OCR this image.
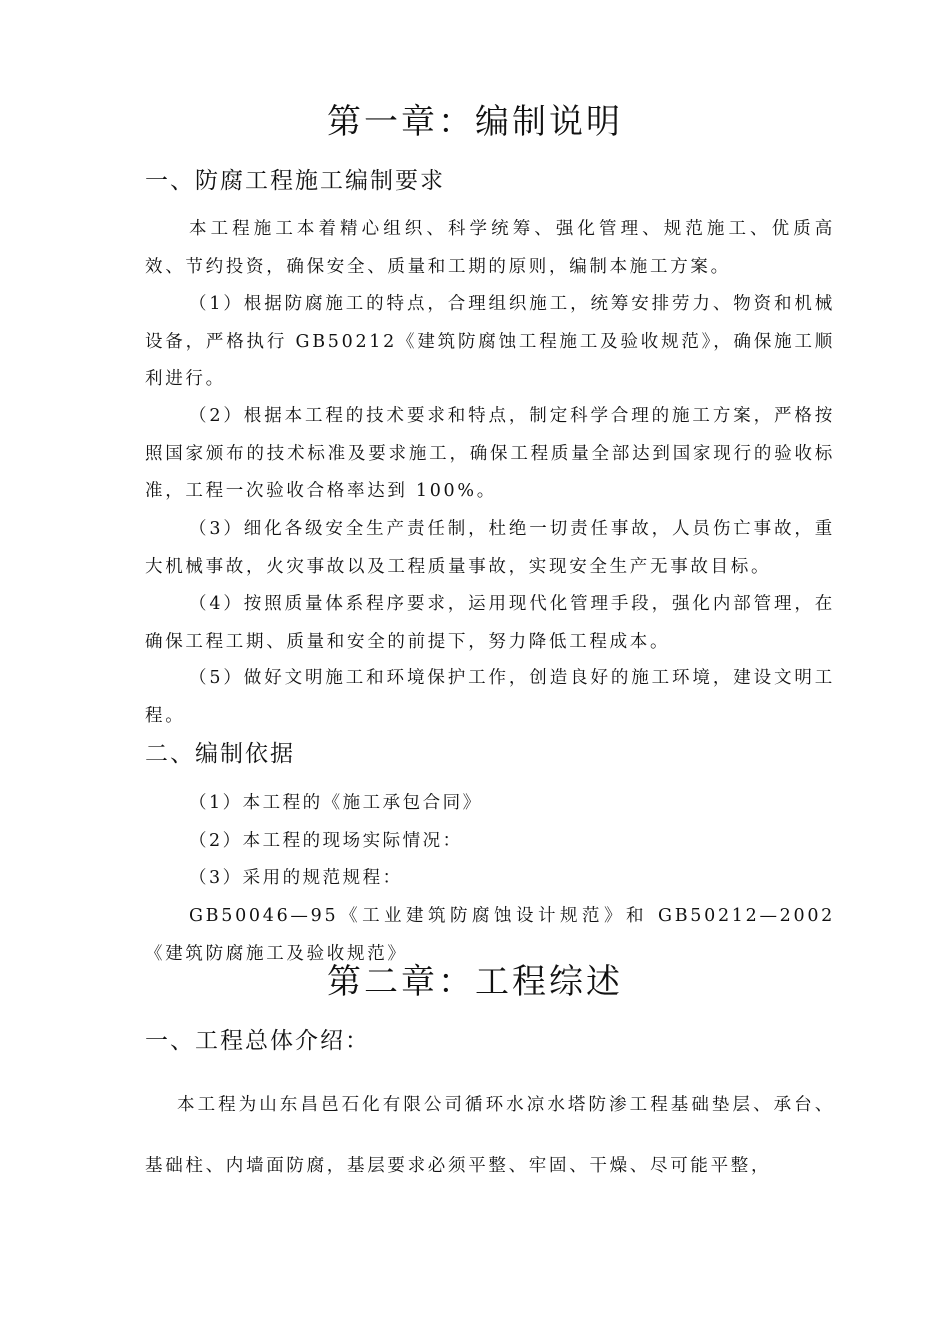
第一章：编制说明
一、防腐工程施工编制要求

本工程施工本着精心组织、科学统筹、强化管理、规范施工、优质高效、节约投资，确保安全、质量和工期的原则，编制本施工方案。

（1）根据防腐施工的特点，合理组织施工，统筹安排劳力、物资和机械设备，严格执行 GB50212《建筑防腐蚀工程施工及验收规范》，确保施工顺利进行。

（2）根据本工程的技术要求和特点，制定科学合理的施工方案，严格按照国家颁布的技术标准及要求施工，确保工程质量全部达到国家现行的验收标准，工程一次验收合格率达到 100%。

（3）细化各级安全生产责任制，杜绝一切责任事故，人员伤亡事故，重大机械事故，火灾事故以及工程质量事故，实现安全生产无事故目标。

（4）按照质量体系程序要求，运用现代化管理手段，强化内部管理，在确保工程工期、质量和安全的前提下，努力降低工程成本。

（5）做好文明施工和环境保护工作，创造良好的施工环境，建设文明工程。

二、编制依据
（1）本工程的《施工承包合同》
（2）本工程的现场实际情况：
（3）采用的规范规程：

GB50046—95《工业建筑防腐蚀设计规范》和 GB50212—2002《建筑防腐施工及验收规范》

第二章：工程综述
一、工程总体介绍：

本工程为山东昌邑石化有限公司循环水凉水塔防渗工程基础垫层、承台、基础柱、内墙面防腐，基层要求必须平整、牢固、干燥、尽可能平整，
